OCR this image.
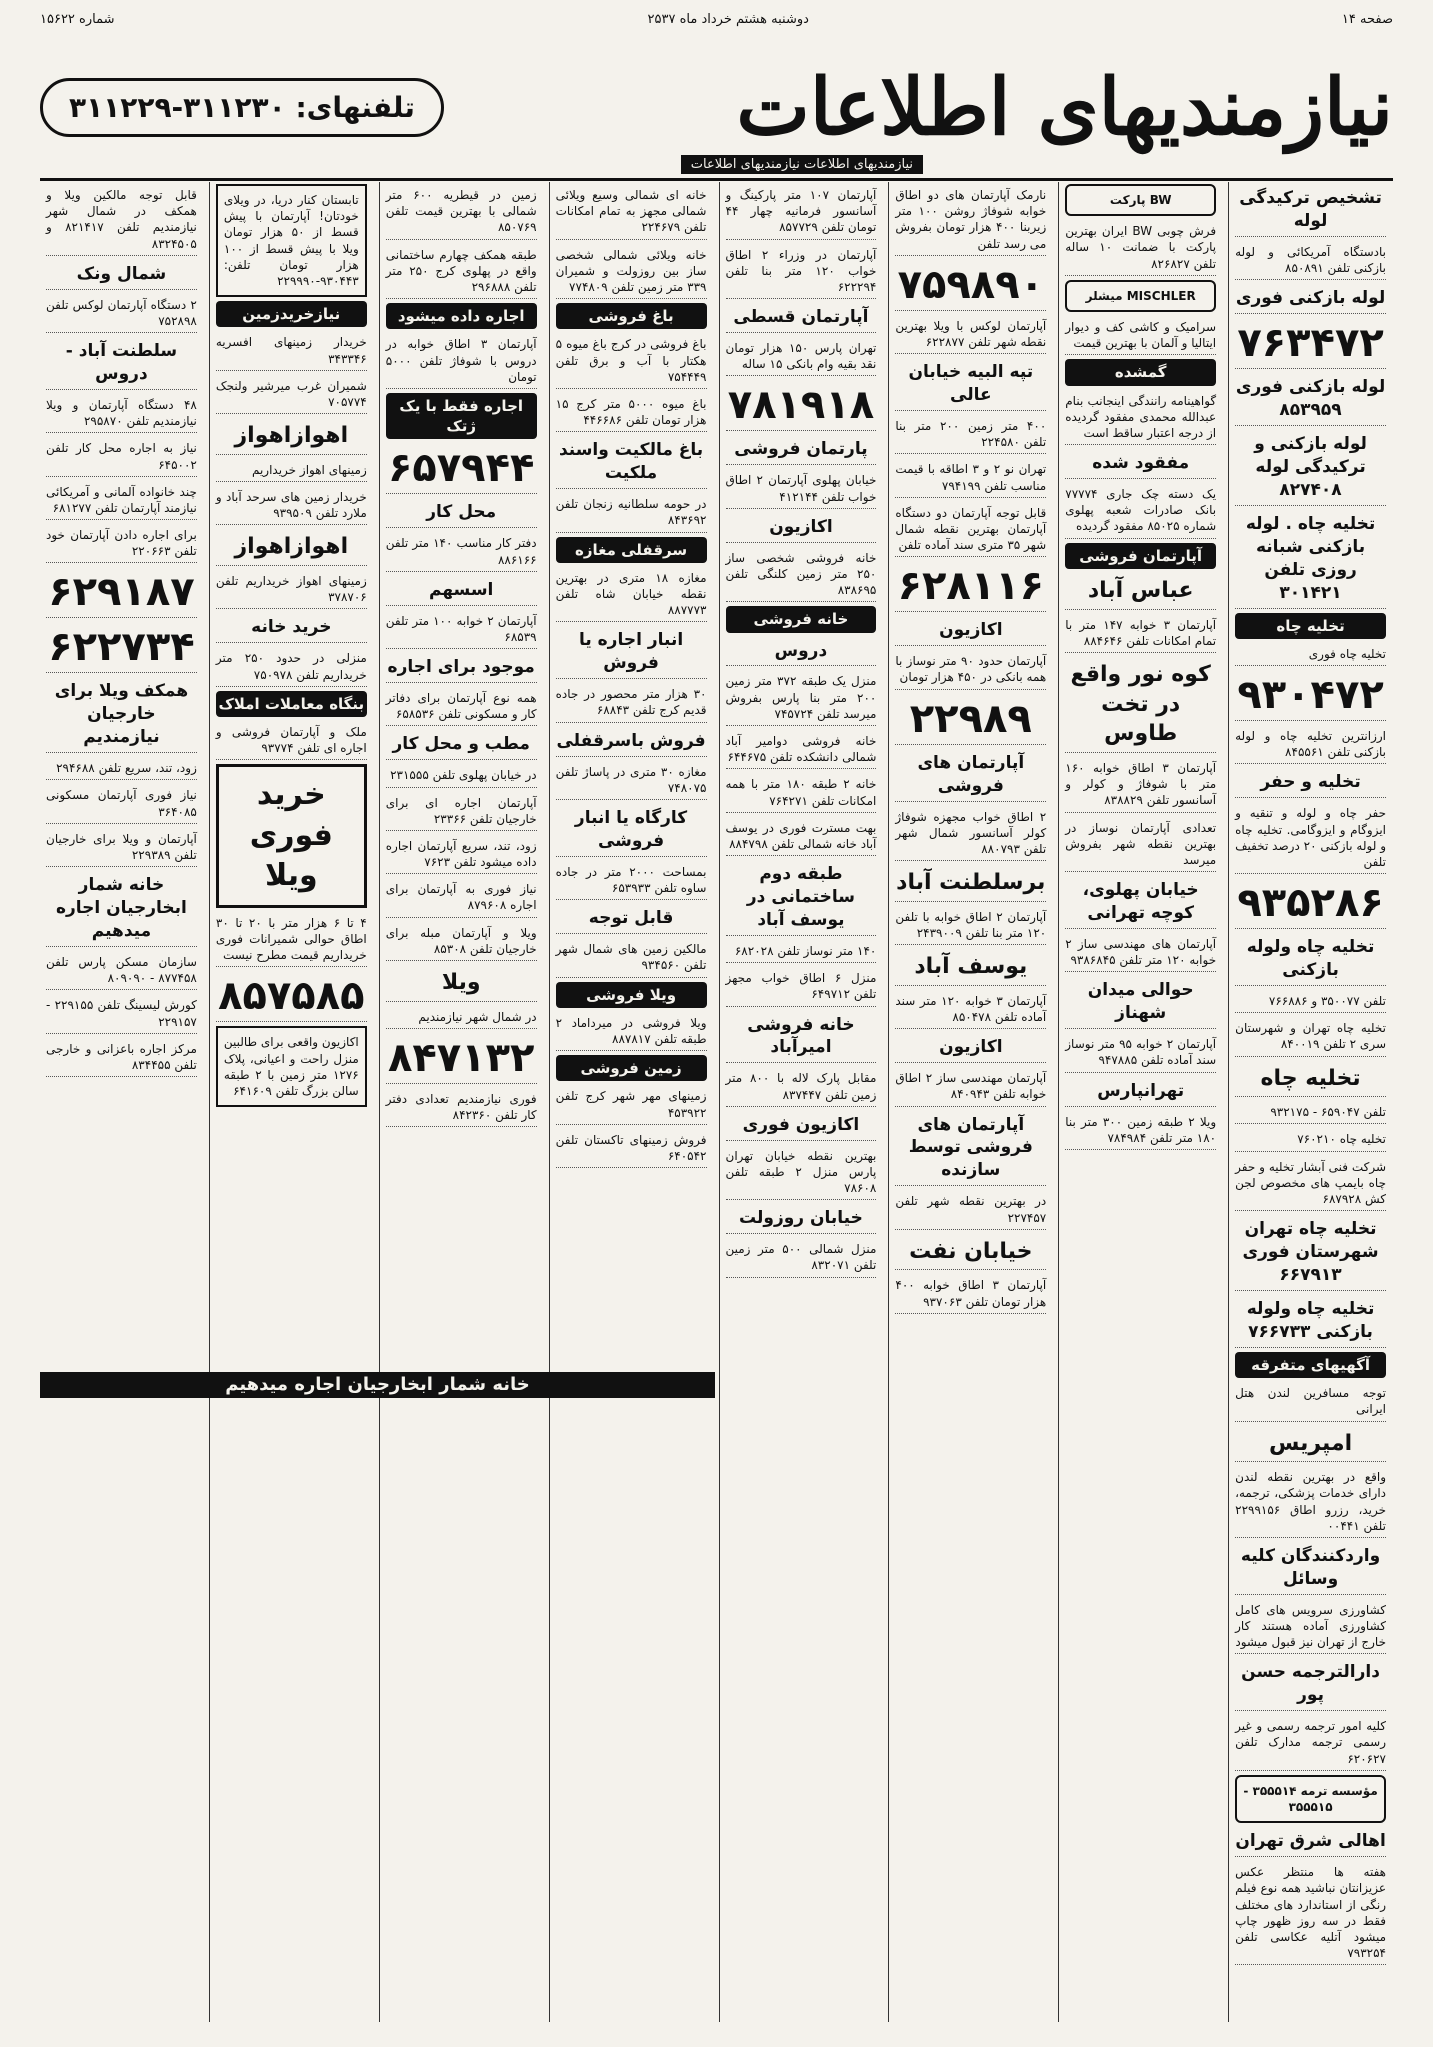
صفحه ۱۴
دوشنبه هشتم خرداد ماه ۲۵۳۷
شماره ۱۵۶۲۲
نیازمندیهای اطلاعات
نیازمندیهای اطلاعات نیازمندیهای اطلاعات
تلفنهای: ۳۱۱۲۳۰-۳۱۱۲۲۹
تشخیص ترکیدگی لوله
بادستگاه آمریکائی و لوله بازکنی تلفن ۸۵۰۸۹۱
لوله بازکنی فوری
۷۶۳۴۷۲
لوله بازکنی فوری ۸۵۳۹۵۹
لوله بازکنی و ترکیدگی لوله ۸۲۷۴۰۸
تخلیه چاه . لوله بازکنی شبانه روزی تلفن ۳۰۱۴۲۱
تخلیه چاه
تخلیه چاه فوری
۹۳۰۴۷۲
ارزانترین تخلیه چاه و لوله بازکنی تلفن ۸۴۵۵۶۱
تخلیه و حفر
حفر چاه و لوله و تنقیه و ایزوگام و ایزوگامی. تخلیه چاه و لوله بازکنی ۲۰ درصد تخفیف تلفن
۹۳۵۲۸۶
تخلیه چاه ولوله بازکنی
تلفن ۳۵۰۰۷۷ و ۷۶۶۸۸۶
تخلیه چاه تهران و شهرستان سری ۲ تلفن ۸۴۰۰۱۹
تخلیه چاه
تلفن ۶۵۹۰۴۷ - ۹۳۲۱۷۵
تخلیه چاه ۷۶۰۲۱۰
شرکت فنی آبشار تخلیه و حفر چاه بایمپ های مخصوص لجن کش ۶۸۷۹۲۸
تخلیه چاه تهران شهرستان فوری ۶۶۷۹۱۳
تخلیه چاه ولوله بازکنی ۷۶۶۷۳۳
آگهیهای متفرقه
توجه مسافرین لندن هتل ایرانی
امپریس
واقع در بهترین نقطه لندن دارای خدمات پزشکی، ترجمه، خرید، رزرو اطاق ۲۲۹۹۱۵۶ تلفن ۰۰۴۴۱
واردکنندگان کلیه وسائل
کشاورزی سرویس های کامل کشاورزی آماده هستند کار خارج از تهران نیز قبول میشود
دارالترجمه حسن پور
کلیه امور ترجمه رسمی و غیر رسمی ترجمه مدارک تلفن ۶۲۰۶۲۷
مؤسسه ترمه ۳۵۵۵۱۴ - ۳۵۵۵۱۵
اهالی شرق تهران
هفته ها منتظر عکس عزیزانتان نباشید همه نوع فیلم رنگی از استاندارد های مختلف فقط در سه روز ظهور چاپ میشود آتلیه عکاسی تلفن ۷۹۳۲۵۴
BW پارکت
فرش چوبی BW ایران بهترین پارکت با ضمانت ۱۰ ساله تلفن ۸۲۶۸۲۷
MISCHLER میشلر
سرامیک و کاشی کف و دیوار ایتالیا و آلمان با بهترین قیمت
گمشده
گواهینامه رانندگی اینجانب بنام عبدالله محمدی مفقود گردیده از درجه اعتبار ساقط است
مفقود شده
یک دسته چک جاری ۷۷۷۷۴ بانک صادرات شعبه پهلوی شماره ۸۵۰۲۵ مفقود گردیده
آپارتمان فروشی
عباس آباد
آپارتمان ۳ خوابه ۱۴۷ متر با تمام امکانات تلفن ۸۸۴۶۴۶
کوه نور واقع در تخت طاوس
آپارتمان ۳ اطاق خوابه ۱۶۰ متر با شوفاژ و کولر و آسانسور تلفن ۸۳۸۸۲۹
تعدادی آپارتمان نوساز در بهترین نقطه شهر بفروش میرسد
خیابان پهلوی، کوچه تهرانی
آپارتمان های مهندسی ساز ۲ خوابه ۱۲۰ متر تلفن ۹۳۸۶۸۴۵
حوالی میدان شهناز
آپارتمان ۲ خوابه ۹۵ متر نوساز سند آماده تلفن ۹۴۷۸۸۵
تهرانپارس
ویلا ۲ طبقه زمین ۳۰۰ متر بنا ۱۸۰ متر تلفن ۷۸۴۹۸۴
نارمک آپارتمان های دو اطاق خوابه شوفاژ روشن ۱۰۰ متر زیربنا ۴۰۰ هزار تومان بفروش می رسد تلفن
۷۵۹۸۹۰
آپارتمان لوکس با ویلا بهترین نقطه شهر تلفن ۶۲۲۸۷۷
تپه البیه خیابان عالی
۴۰۰ متر زمین ۲۰۰ متر بنا تلفن ۲۲۴۵۸۰
تهران نو ۲ و ۳ اطاقه با قیمت مناسب تلفن ۷۹۴۱۹۹
قابل توجه آپارتمان دو دستگاه آپارتمان بهترین نقطه شمال شهر ۳۵ متری سند آماده تلفن
۶۲۸۱۱۶
اکازیون
آپارتمان حدود ۹۰ متر نوساز با همه بانکی در ۴۵۰ هزار تومان
۲۲۹۸۹
آپارتمان های فروشی
۲ اطاق خواب مجهزه شوفاژ کولر آسانسور شمال شهر تلفن ۸۸۰۷۹۳
برسلطنت آباد
آپارتمان ۲ اطاق خوابه با تلفن ۱۲۰ متر بنا تلفن ۲۴۳۹۰۰۹
یوسف آباد
آپارتمان ۳ خوابه ۱۲۰ متر سند آماده تلفن ۸۵۰۴۷۸
اکازیون
آپارتمان مهندسی ساز ۲ اطاق خوابه تلفن ۸۴۰۹۴۳
آپارتمان های فروشی توسط سازنده
در بهترین نقطه شهر تلفن ۲۲۷۴۵۷
خیابان نفت
آپارتمان ۳ اطاق خوابه ۴۰۰ هزار تومان تلفن ۹۳۷۰۶۳
آپارتمان ۱۰۷ متر پارکینگ و آسانسور فرمانیه چهار ۴۴ تومان تلفن ۸۵۷۷۲۹
آپارتمان در وزراء ۲ اطاق خواب ۱۲۰ متر بنا تلفن ۶۲۲۲۹۴
آپارتمان قسطی
تهران پارس ۱۵۰ هزار تومان نقد بقیه وام بانکی ۱۵ ساله
۷۸۱۹۱۸
پارتمان فروشی
خیابان پهلوی آپارتمان ۲ اطاق خواب تلفن ۴۱۲۱۴۴
اکازیون
خانه فروشی شخصی ساز ۲۵۰ متر زمین کلنگی تلفن ۸۳۸۶۹۵
خانه فروشی
دروس
منزل یک طبقه ۳۷۲ متر زمین ۲۰۰ متر بنا پارس بفروش میرسد تلفن ۷۴۵۷۲۴
خانه فروشی دوامیر آباد شمالی دانشکده تلفن ۶۴۴۶۷۵
خانه ۲ طبقه ۱۸۰ متر با همه امکانات تلفن ۷۶۴۲۷۱
بهت مسترت فوری در یوسف آباد خانه شمالی تلفن ۸۸۴۷۹۸
طبقه دوم ساختمانی در یوسف آباد
۱۴۰ متر نوساز تلفن ۶۸۲۰۲۸
منزل ۶ اطاق خواب مجهز تلفن ۶۴۹۷۱۲
خانه فروشی امیرآباد
مقابل پارک لاله با ۸۰۰ متر زمین تلفن ۸۳۷۴۴۷
اکازیون فوری
بهترین نقطه خیابان تهران پارس منزل ۲ طبقه تلفن ۷۸۶۰۸
خیابان روزولت
منزل شمالی ۵۰۰ متر زمین تلفن ۸۳۲۰۷۱
خانه ای شمالی وسیع ویلائی شمالی مجهز به تمام امکانات تلفن ۲۲۴۶۷۹
خانه ویلائی شمالی شخصی ساز بین روزولت و شمیران ۳۳۹ متر زمین تلفن ۷۷۴۸۰۹
باغ فروشی
باغ فروشی در کرج باغ میوه ۵ هکتار با آب و برق تلفن ۷۵۴۴۴۹
باغ میوه ۵۰۰۰ متر کرج ۱۵ هزار تومان تلفن ۴۴۶۶۸۶
باغ مالکیت واسند ملکیت
در حومه سلطانیه زنجان تلفن ۸۴۳۶۹۲
سرقفلی مغازه
مغازه ۱۸ متری در بهترین نقطه خیابان شاه تلفن ۸۸۷۷۷۳
انبار اجاره یا فروش
۳۰ هزار متر محصور در جاده قدیم کرج تلفن ۶۸۸۴۳
فروش باسرقفلی
مغازه ۳۰ متری در پاساژ تلفن ۷۴۸۰۷۵
کارگاه یا انبار فروشی
بمساحت ۲۰۰۰ متر در جاده ساوه تلفن ۶۵۳۹۳۳
قابل توجه
مالکین زمین های شمال شهر تلفن ۹۳۴۵۶۰
ویلا فروشی
ویلا فروشی در میرداماد ۲ طبقه تلفن ۸۸۷۸۱۷
زمین فروشی
زمینهای مهر شهر کرج تلفن ۴۵۳۹۲۲
فروش زمینهای تاکستان تلفن ۶۴۰۵۴۲
زمین در قیطریه ۶۰۰ متر شمالی با بهترین قیمت تلفن ۸۵۰۷۶۹
طبقه همکف چهارم ساختمانی واقع در پهلوی کرج ۲۵۰ متر تلفن ۲۹۶۸۸۸
اجاره داده میشود
آپارتمان ۳ اطاق خوابه در دروس با شوفاژ تلفن ۵۰۰۰ تومان
اجاره فقط با یک ژتک
۶۵۷۹۴۴
محل کار
دفتر کار مناسب ۱۴۰ متر تلفن ۸۸۶۱۶۶
اسسهم
آپارتمان ۲ خوابه ۱۰۰ متر تلفن ۶۸۵۳۹
موجود برای اجاره
همه نوع آپارتمان برای دفاتر کار و مسکونی تلفن ۶۵۸۵۳۶
مطب و محل کار
در خیابان پهلوی تلفن ۲۳۱۵۵۵
آپارتمان اجاره ای برای خارجیان تلفن ۲۳۳۶۶
زود، تند، سریع آپارتمان اجاره داده میشود تلفن ۷۶۲۳
نیاز فوری به آپارتمان برای اجاره ۸۷۹۶۰۸
ویلا و آپارتمان مبله برای خارجیان تلفن ۸۵۳۰۸
ویلا
در شمال شهر نیازمندیم
۸۴۷۱۳۲
فوری نیازمندیم تعدادی دفتر کار تلفن ۸۴۲۳۶۰
تابستان کنار دریا، در ویلای خودتان! آپارتمان با پیش قسط از ۵۰ هزار تومان ویلا با پیش قسط از ۱۰۰ هزار تومان تلفن: ۹۳۰۴۴۳-۲۲۹۹۹۰
نیازخریدزمین
خریدار زمینهای افسریه ۳۴۳۳۴۶
شمیران غرب میرشیر ولنجک ۷۰۵۷۷۴
اهوازاهواز
زمینهای اهواز خریداریم
خریدار زمین های سرحد آباد و ملارد تلفن ۹۳۹۵۰۹
اهوازاهواز
زمینهای اهواز خریداریم تلفن ۳۷۸۷۰۶
خرید خانه
منزلی در حدود ۲۵۰ متر خریداریم تلفن ۷۵۰۹۷۸
بنگاه معاملات املاک
ملک و آپارتمان فروشی و اجاره ای تلفن ۹۳۷۷۴
خرید فوری ویلا
۴ تا ۶ هزار متر با ۲۰ تا ۳۰ اطاق حوالی شمیرانات فوری خریداریم قیمت مطرح نیست
۸۵۷۵۸۵
اکازیون واقعی برای طالبین منزل راحت و اعیانی، پلاک ۱۲۷۶ متر زمین با ۲ طبقه سالن بزرگ تلفن ۶۴۱۶۰۹
قابل توجه مالکین ویلا و همکف در شمال شهر نیازمندیم تلفن ۸۲۱۴۱۷ و ۸۳۲۴۵۰۵
شمال ونک
۲ دستگاه آپارتمان لوکس تلفن ۷۵۲۸۹۸
سلطنت آباد - دروس
۴۸ دستگاه آپارتمان و ویلا نیازمندیم تلفن ۲۹۵۸۷۰
نیاز به اجاره محل کار تلفن ۶۴۵۰۰۲
چند خانواده آلمانی و آمریکائی نیازمند آپارتمان تلفن ۶۸۱۲۷۷
برای اجاره دادن آپارتمان خود تلفن ۲۲۰۶۶۳
۶۲۹۱۸۷
۶۲۲۷۳۴
همکف ویلا برای خارجیان نیازمندیم
زود، تند، سریع تلفن ۲۹۴۶۸۸
نیاز فوری آپارتمان مسکونی ۳۶۴۰۸۵
آپارتمان و ویلا برای خارجیان تلفن ۲۲۹۳۸۹
خانه شمار ابخارجیان اجاره میدهیم
سازمان مسکن پارس تلفن ۸۷۷۴۵۸ - ۸۰۹۰۹۰
کورش لیسینگ تلفن ۲۲۹۱۵۵ - ۲۲۹۱۵۷
مرکز اجاره باعزانی و خارجی تلفن ۸۳۴۴۵۵
خانه شمار ابخارجیان اجاره میدهیم
